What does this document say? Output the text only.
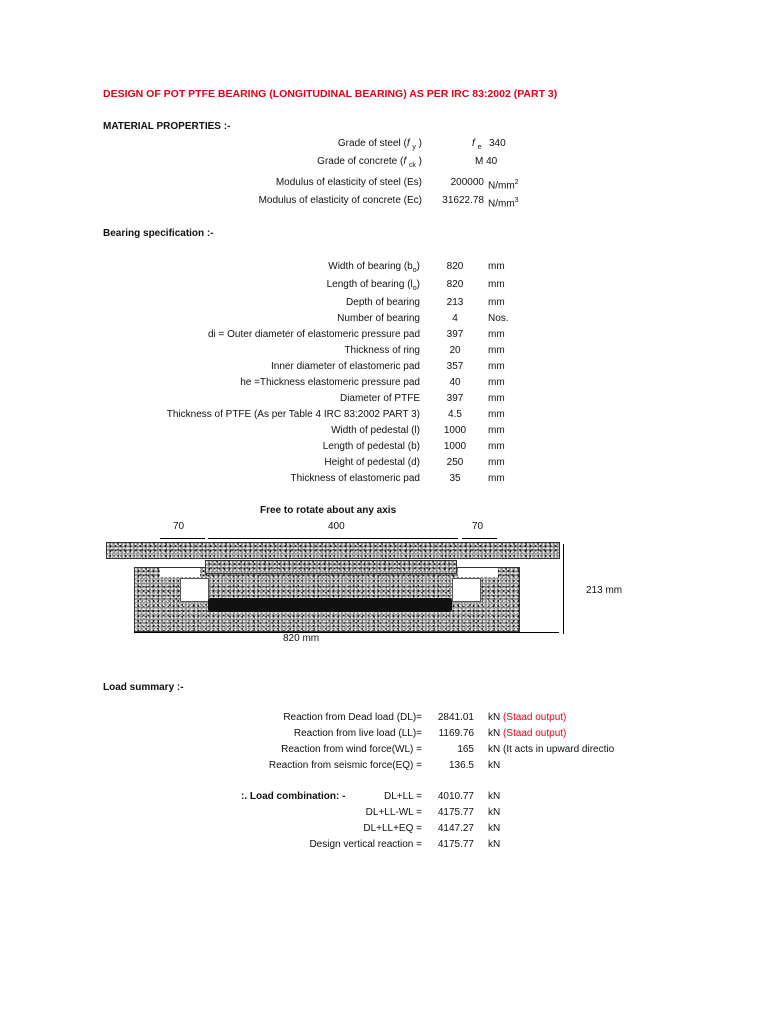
DESIGN OF POT PTFE BEARING (LONGITUDINAL BEARING) AS PER IRC 83:2002 (PART 3)
MATERIAL PROPERTIES :-
Grade of steel (f $_y$ )	f $_e$ 340
Grade of concrete (f $_{ck}$ )	M 40
Modulus of elasticity of steel (Es)	200000 $N/mm^2$
Modulus of elasticity of concrete (Ec) 31622.78 $N/mm^3$
Bearing specification :-
Width of bearing $(b_o)$	820	mm
Length of bearing $(l_o)$	820	mm
Depth of bearing	213	mm
Number of bearing	4	Nos.
di = Outer diameter of elastomeric pressure pad	397	mm
Thickness of ring	20	mm
Inner diameter of elastomeric pad	357	mm
he =Thickness elastomeric pressure pad	40	mm
Diameter of PTFE	397	mm
Thickness of PTFE (As per Table 4 IRC 83:2002 PART 3)	4.5	mm
Width of pedestal (l)	1000	mm
Length of pedestal (b)	1000	mm
Height of pedestal (d)	250	mm
Thickness of elastomeric pad	35	mm
Free to rotate about any axis
70	400	70
213 mm
820 mm
Load summary :-
Reaction from Dead load (DL)= 2841.01 kN (Staad output)
Reaction from live load (LL)= 1169.76 kN (Staad output)
Reaction from wind force(WL) =	165 kN (It acts in upward directio
Reaction from seismic force(EQ) =	136.5 kN
:. Load combination: -	DL+LL = 4010.77 kN
DL+LL-WL = 4175.77 kN
DL+LL+EQ = 4147.27 kN
Design vertical reaction = 4175.77 kN
